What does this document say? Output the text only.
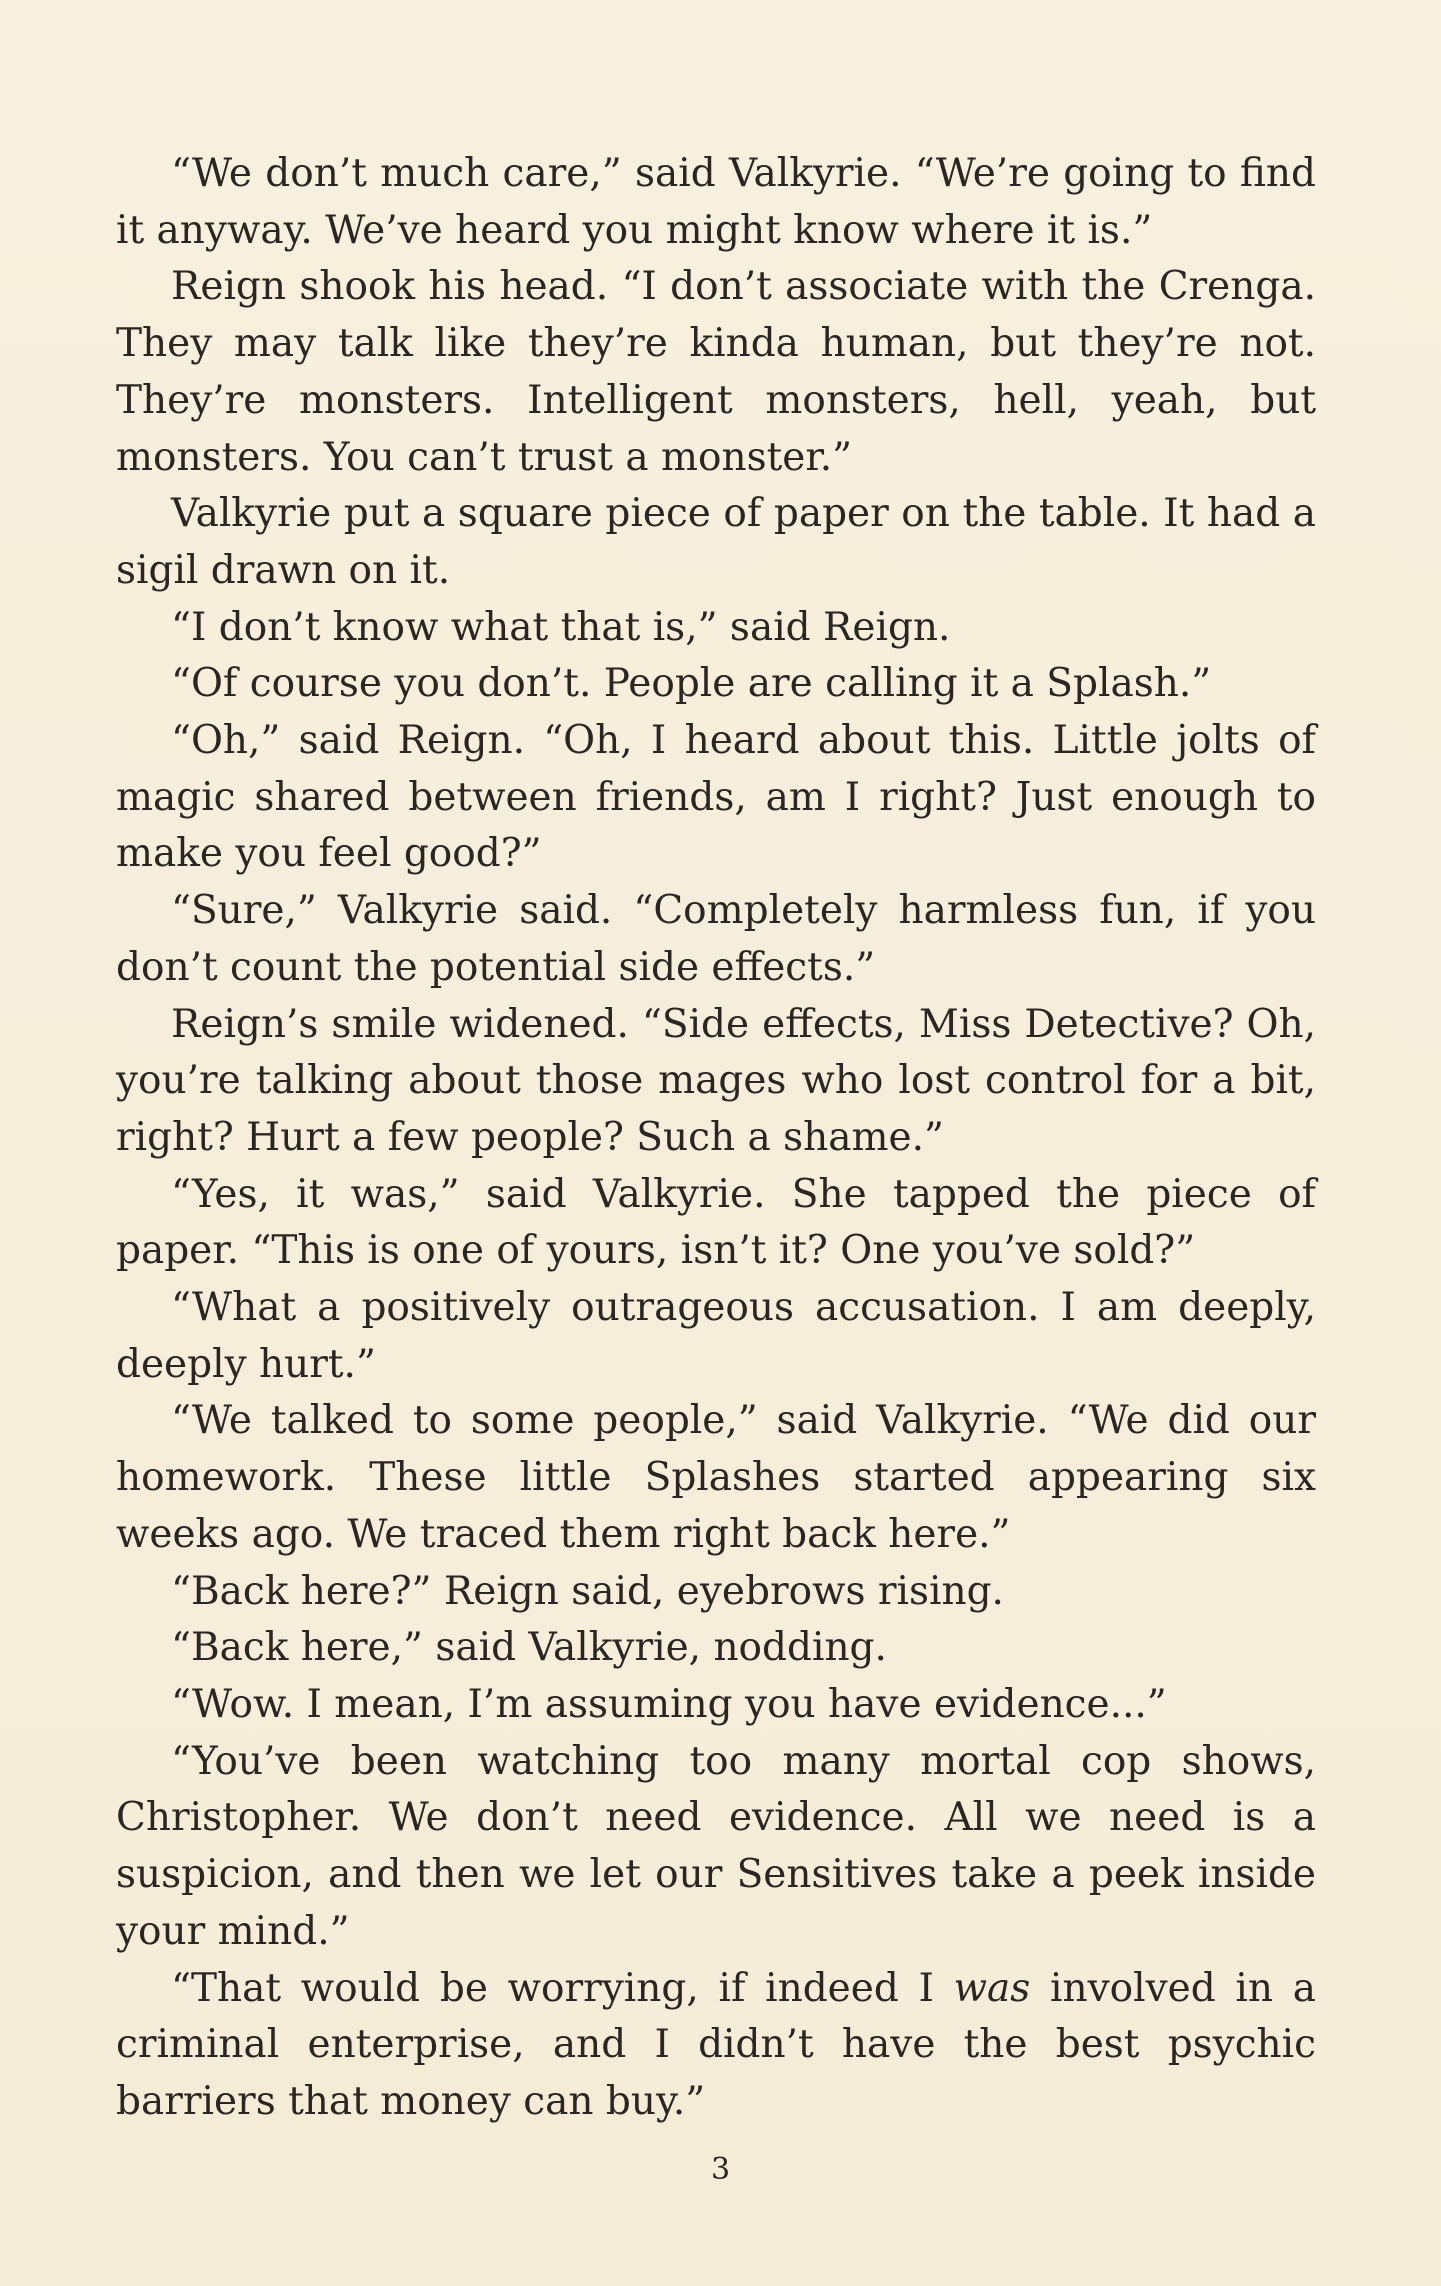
“We don’t much care,” said Valkyrie. “We’re going to find it anyway. We’ve heard you might know where it is.”

Reign shook his head. “I don’t associate with the Crenga. They may talk like they’re kinda human, but they’re not. They’re monsters. Intelligent monsters, hell, yeah, but monsters. You can’t trust a monster.”

Valkyrie put a square piece of paper on the table. It had a sigil drawn on it.

“I don’t know what that is,” said Reign.

“Of course you don’t. People are calling it a Splash.”

“Oh,” said Reign. “Oh, I heard about this. Little jolts of magic shared between friends, am I right? Just enough to make you feel good?”

“Sure,” Valkyrie said. “Completely harmless fun, if you don’t count the potential side effects.”

Reign’s smile widened. “Side effects, Miss Detective? Oh, you’re talking about those mages who lost control for a bit, right? Hurt a few people? Such a shame.”

“Yes, it was,” said Valkyrie. She tapped the piece of paper. “This is one of yours, isn’t it? One you’ve sold?”

“What a positively outrageous accusation. I am deeply, deeply hurt.”

“We talked to some people,” said Valkyrie. “We did our homework. These little Splashes started appearing six weeks ago. We traced them right back here.”

“Back here?” Reign said, eyebrows rising.

“Back here,” said Valkyrie, nodding.

“Wow. I mean, I’m assuming you have evidence...”

“You’ve been watching too many mortal cop shows, Christopher. We don’t need evidence. All we need is a suspicion, and then we let our Sensitives take a peek inside your mind.”

“That would be worrying, if indeed I was involved in a criminal enterprise, and I didn’t have the best psychic barriers that money can buy.”

3
